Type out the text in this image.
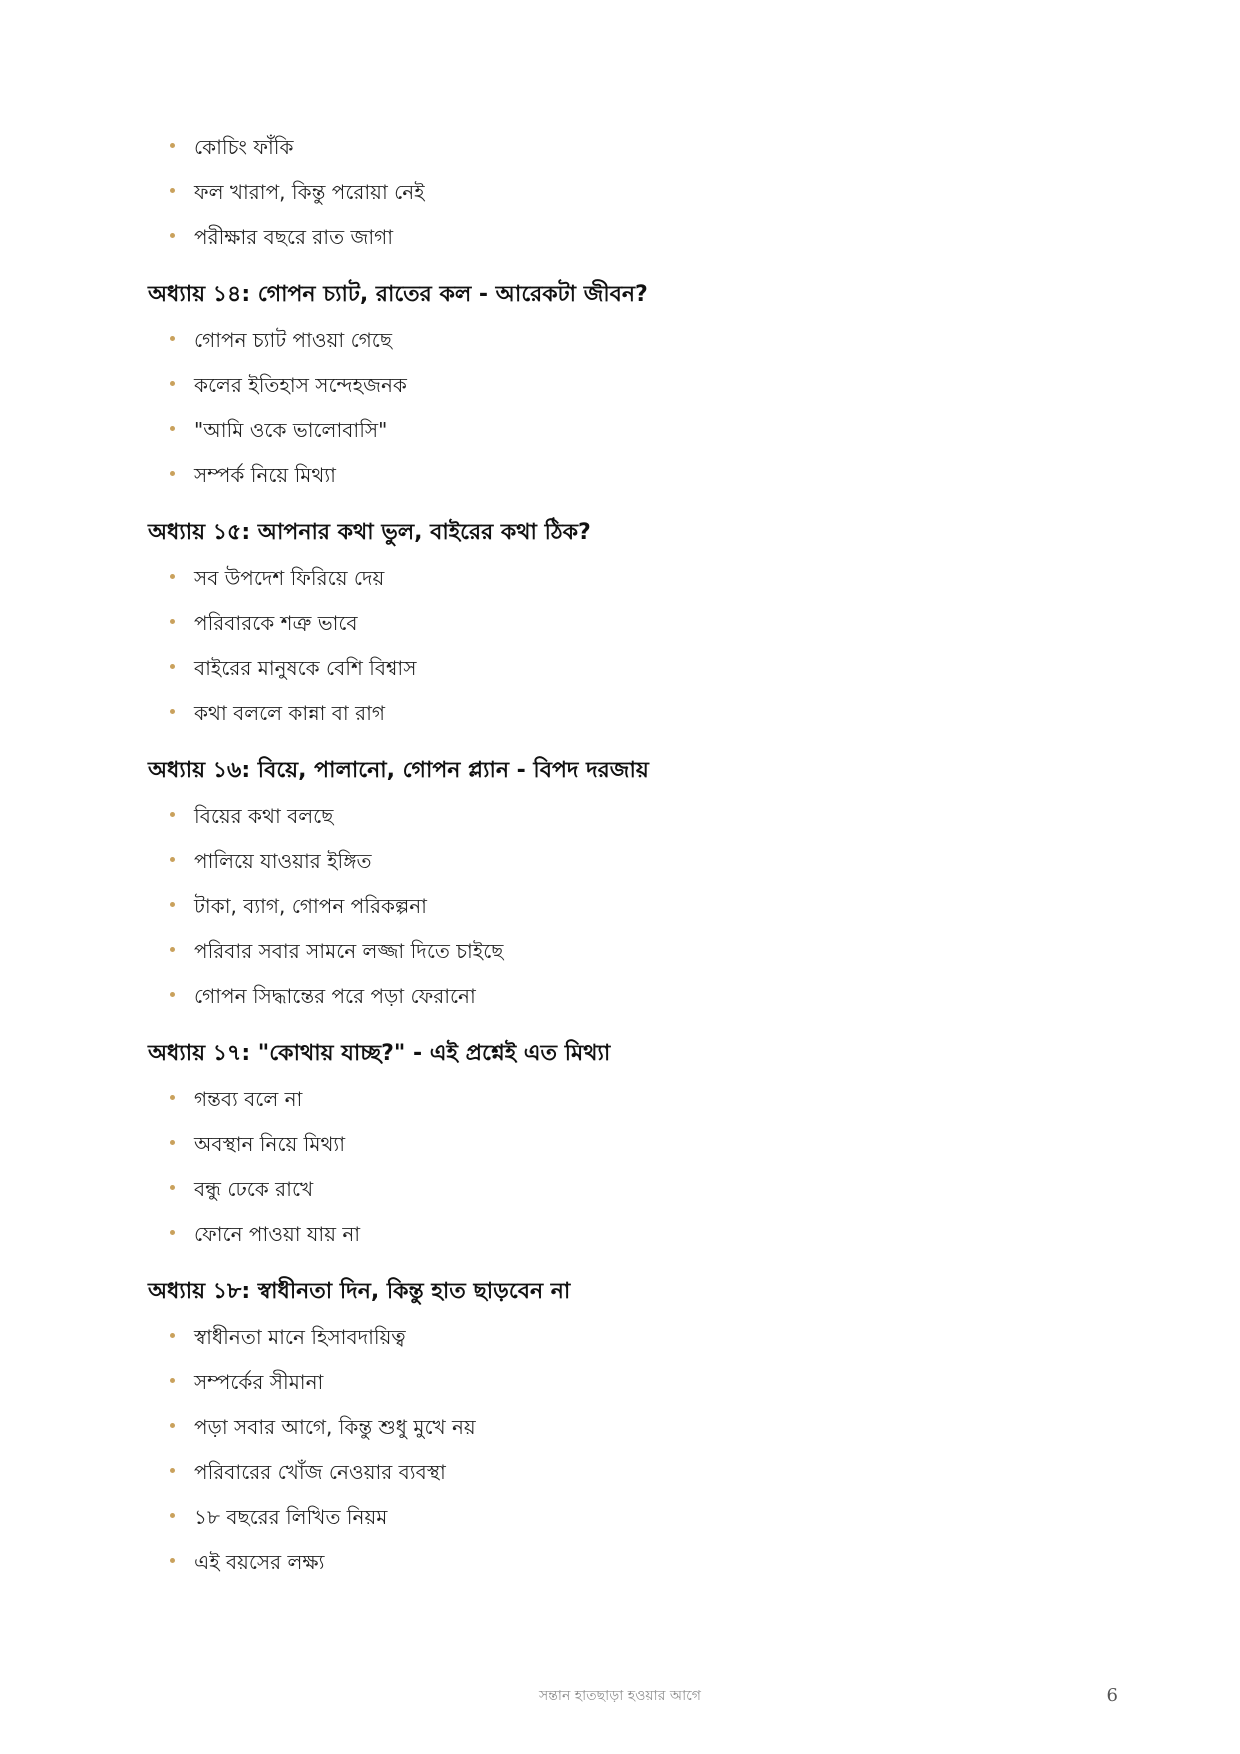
কোচিং ফাঁকি
ফল খারাপ, কিন্তু পরোয়া নেই
পরীক্ষার বছরে রাত জাগা
অধ্যায় ১৪: গোপন চ্যাট, রাতের কল - আরেকটা জীবন?
গোপন চ্যাট পাওয়া গেছে
কলের ইতিহাস সন্দেহজনক
"আমি ওকে ভালোবাসি"
সম্পর্ক নিয়ে মিথ্যা
অধ্যায় ১৫: আপনার কথা ভুল, বাইরের কথা ঠিক?
সব উপদেশ ফিরিয়ে দেয়
পরিবারকে শত্রু ভাবে
বাইরের মানুষকে বেশি বিশ্বাস
কথা বললে কান্না বা রাগ
অধ্যায় ১৬: বিয়ে, পালানো, গোপন প্ল্যান - বিপদ দরজায়
বিয়ের কথা বলছে
পালিয়ে যাওয়ার ইঙ্গিত
টাকা, ব্যাগ, গোপন পরিকল্পনা
পরিবার সবার সামনে লজ্জা দিতে চাইছে
গোপন সিদ্ধান্তের পরে পড়া ফেরানো
অধ্যায় ১৭: "কোথায় যাচ্ছ?" - এই প্রশ্নেই এত মিথ্যা
গন্তব্য বলে না
অবস্থান নিয়ে মিথ্যা
বন্ধু ঢেকে রাখে
ফোনে পাওয়া যায় না
অধ্যায় ১৮: স্বাধীনতা দিন, কিন্তু হাত ছাড়বেন না
স্বাধীনতা মানে হিসাবদায়িত্ব
সম্পর্কের সীমানা
পড়া সবার আগে, কিন্তু শুধু মুখে নয়
পরিবারের খোঁজ নেওয়ার ব্যবস্থা
১৮ বছরের লিখিত নিয়ম
এই বয়সের লক্ষ্য
সন্তান হাতছাড়া হওয়ার আগে	6
